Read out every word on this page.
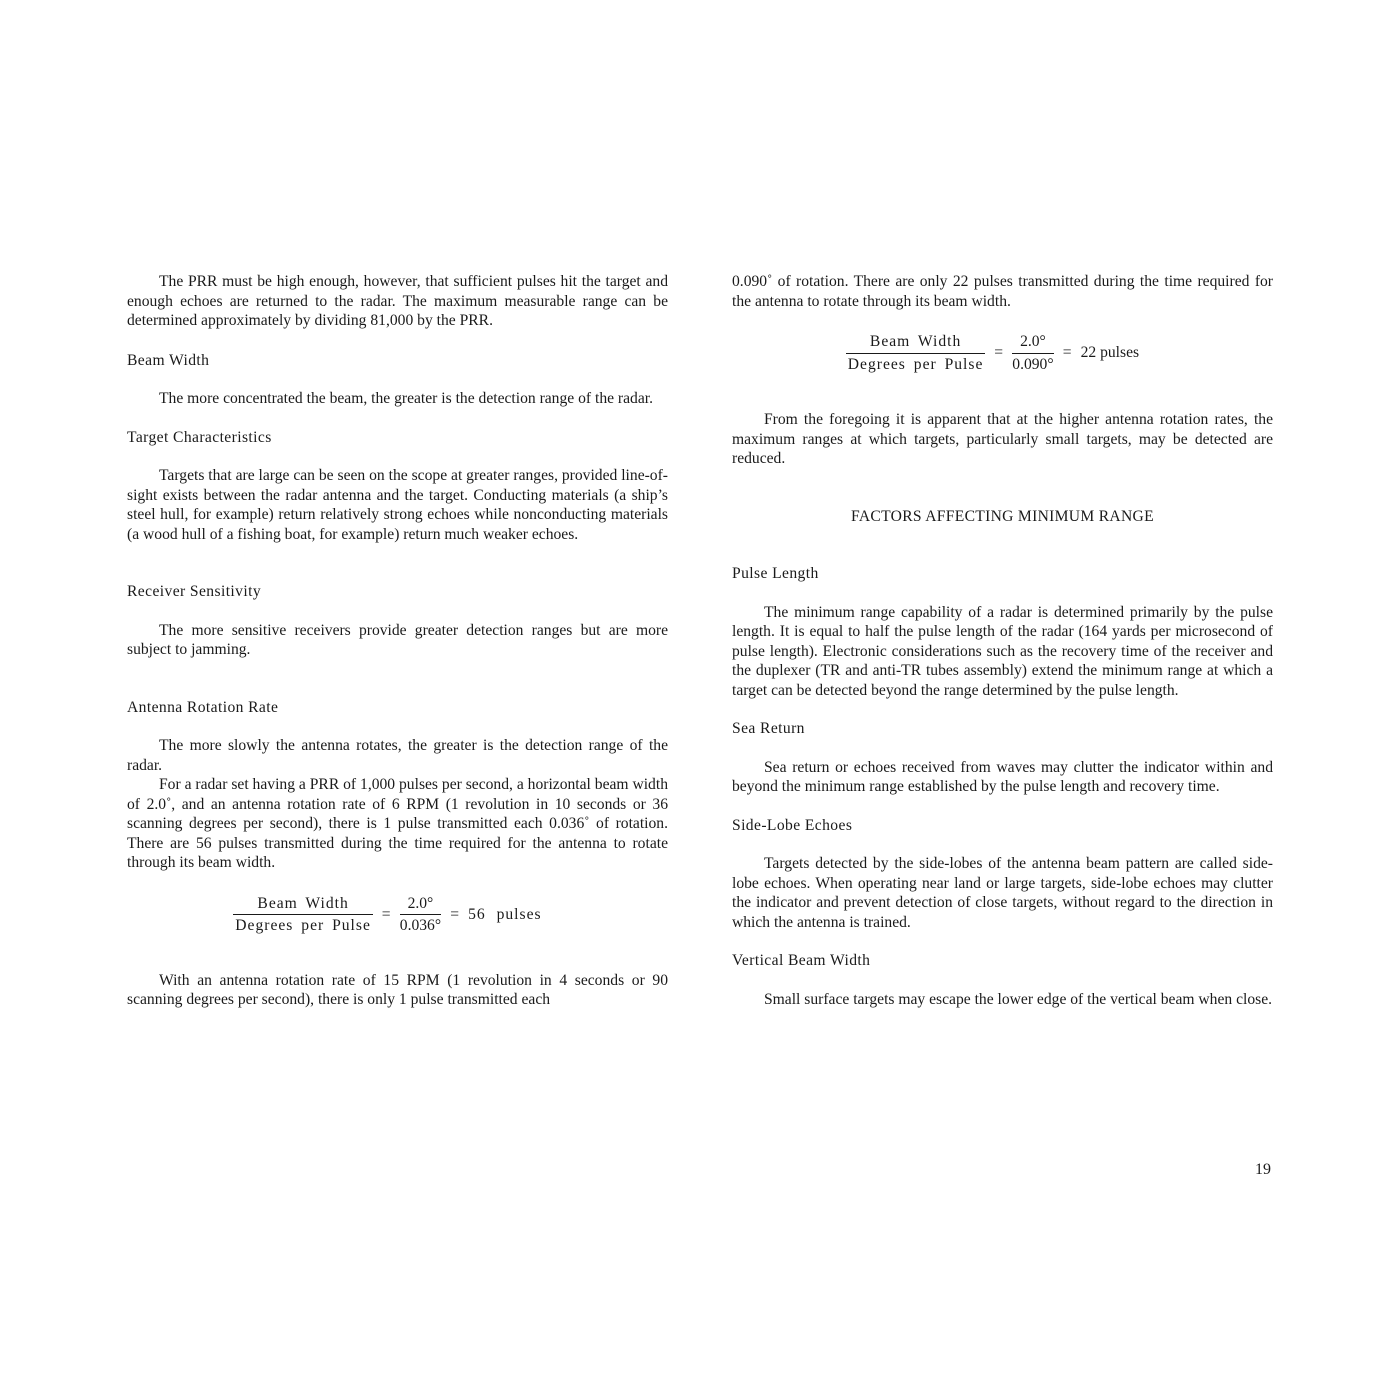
The PRR must be high enough, however, that sufficient pulses hit the target and enough echoes are returned to the radar. The maximum measurable range can be determined approximately by dividing 81,000 by the PRR.

Beam Width

The more concentrated the beam, the greater is the detection range of the radar.

Target Characteristics

Targets that are large can be seen on the scope at greater ranges, provided line-of-sight exists between the radar antenna and the target. Conducting materials (a ship’s steel hull, for example) return relatively strong echoes while nonconducting materials (a wood hull of a fishing boat, for example) return much weaker echoes.

Receiver Sensitivity

The more sensitive receivers provide greater detection ranges but are more subject to jamming.

Antenna Rotation Rate

The more slowly the antenna rotates, the greater is the detection range of the radar.

For a radar set having a PRR of 1,000 pulses per second, a horizontal beam width of 2.0˚, and an antenna rotation rate of 6 RPM (1 revolution in 10 seconds or 36 scanning degrees per second), there is 1 pulse transmitted each 0.036˚ of rotation. There are 56 pulses transmitted during the time required for the antenna to rotate through its beam width.

$\frac{\text{Beam Width}}{\text{Degrees per Pulse}} = \frac{2.0^\circ}{0.036^\circ} = 56$ pulses

With an antenna rotation rate of 15 RPM (1 revolution in 4 seconds or 90 scanning degrees per second), there is only 1 pulse transmitted each

0.090˚ of rotation. There are only 22 pulses transmitted during the time required for the antenna to rotate through its beam width.

$\frac{\text{Beam Width}}{\text{Degrees per Pulse}} = \frac{2.0^\circ}{0.090^\circ} = 22$ pulses

From the foregoing it is apparent that at the higher antenna rotation rates, the maximum ranges at which targets, particularly small targets, may be detected are reduced.

FACTORS AFFECTING MINIMUM RANGE
Pulse Length

The minimum range capability of a radar is determined primarily by the pulse length. It is equal to half the pulse length of the radar (164 yards per microsecond of pulse length). Electronic considerations such as the recovery time of the receiver and the duplexer (TR and anti-TR tubes assembly) extend the minimum range at which a target can be detected beyond the range determined by the pulse length.

Sea Return

Sea return or echoes received from waves may clutter the indicator within and beyond the minimum range established by the pulse length and recovery time.

Side-Lobe Echoes

Targets detected by the side-lobes of the antenna beam pattern are called side-lobe echoes. When operating near land or large targets, side-lobe echoes may clutter the indicator and prevent detection of close targets, without regard to the direction in which the antenna is trained.

Vertical Beam Width

Small surface targets may escape the lower edge of the vertical beam when close.

19
